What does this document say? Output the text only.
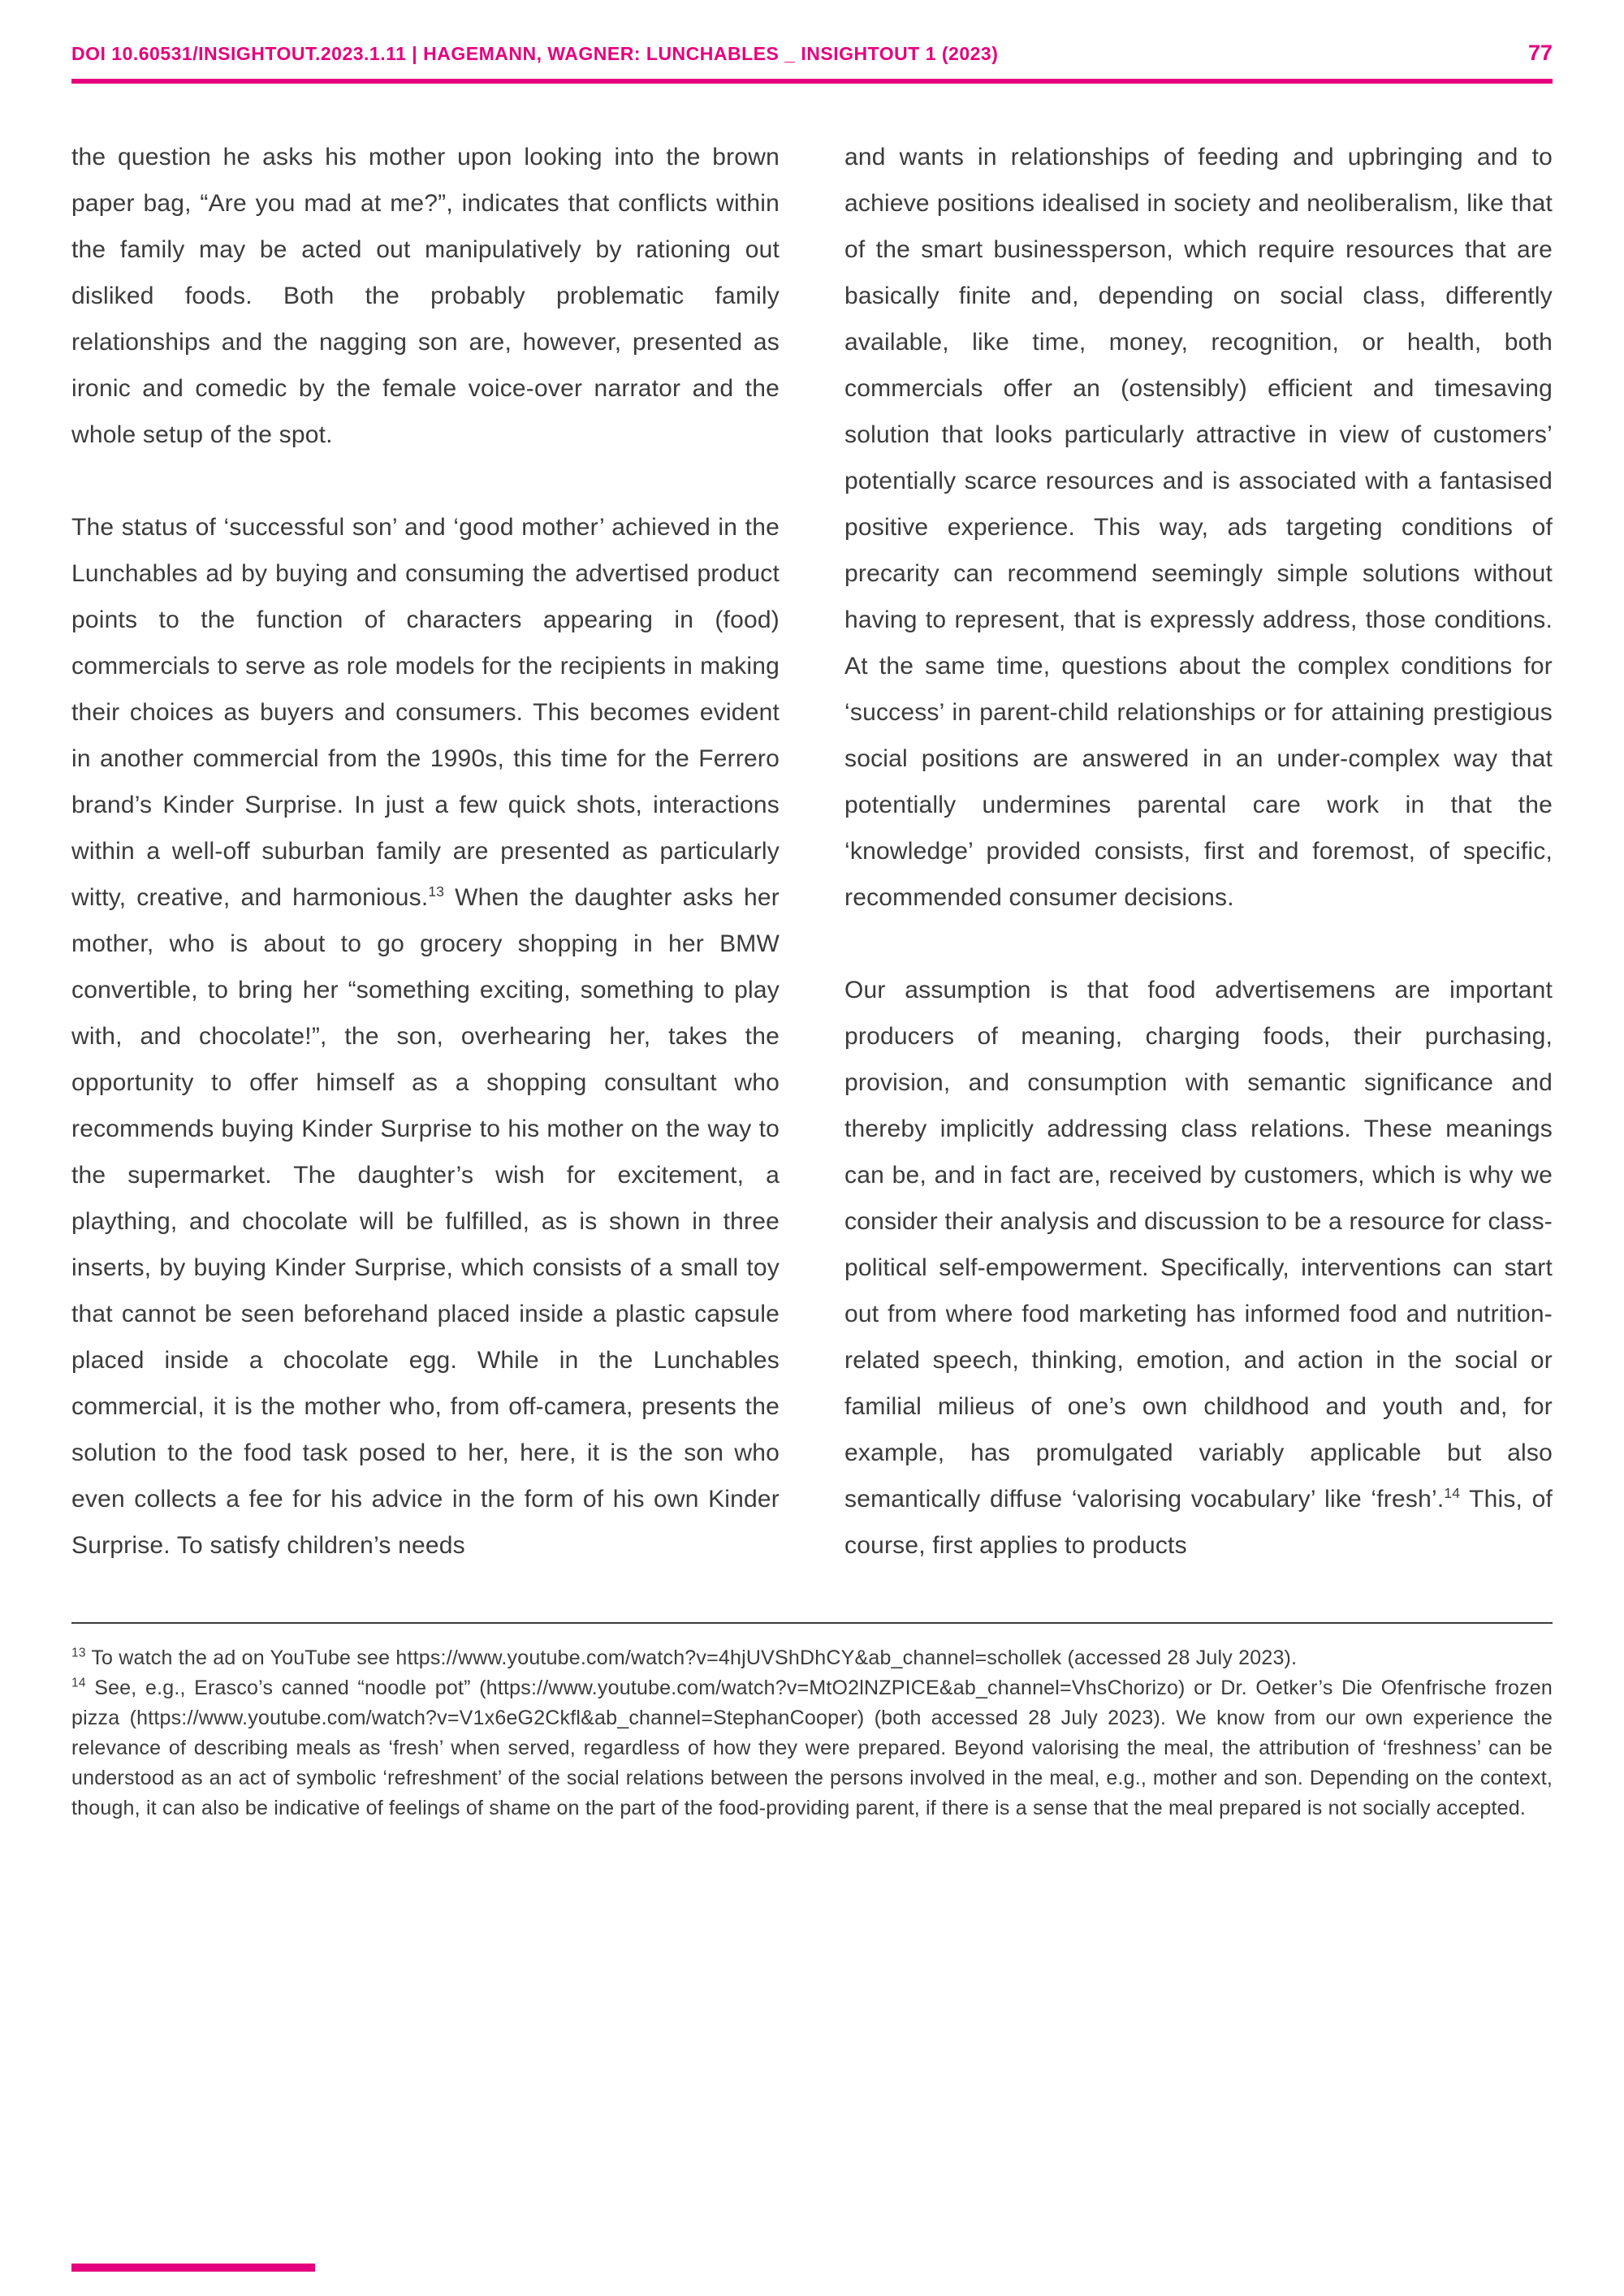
DOI 10.60531/INSIGHTOUT.2023.1.11 | HAGEMANN, WAGNER: LUNCHABLES _ INSIGHTOUT 1 (2023)	77

the question he asks his mother upon looking into the brown paper bag, “Are you mad at me?”, indicates that conflicts within the family may be acted out manipulatively by rationing out disliked foods. Both the probably problematic family relationships and the nagging son are, however, presented as ironic and comedic by the female voice-over narrator and the whole setup of the spot.

The status of ‘successful son’ and ‘good mother’ achieved in the Lunchables ad by buying and consuming the advertised product points to the function of characters appearing in (food) commercials to serve as role models for the recipients in making their choices as buyers and consumers. This becomes evident in another commercial from the 1990s, this time for the Ferrero brand’s Kinder Surprise. In just a few quick shots, interactions within a well-off suburban family are presented as particularly witty, creative, and harmonious.$^{13}$ When the daughter asks her mother, who is about to go grocery shopping in her BMW convertible, to bring her “something exciting, something to play with, and chocolate!”, the son, overhearing her, takes the opportunity to offer himself as a shopping consultant who recommends buying Kinder Surprise to his mother on the way to the supermarket. The daughter’s wish for excitement, a plaything, and chocolate will be fulfilled, as is shown in three inserts, by buying Kinder Surprise, which consists of a small toy that cannot be seen beforehand placed inside a plastic capsule placed inside a chocolate egg. While in the Lunchables commercial, it is the mother who, from off-camera, presents the solution to the food task posed to her, here, it is the son who even collects a fee for his advice in the form of his own Kinder Surprise. To satisfy children’s needs

and wants in relationships of feeding and upbringing and to achieve positions idealised in society and neoliberalism, like that of the smart businessperson, which require resources that are basically finite and, depending on social class, differently available, like time, money, recognition, or health, both commercials offer an (ostensibly) efficient and timesaving solution that looks particularly attractive in view of customers’ potentially scarce resources and is associated with a fantasised positive experience. This way, ads targeting conditions of precarity can recommend seemingly simple solutions without having to represent, that is expressly address, those conditions. At the same time, questions about the complex conditions for ‘success’ in parent-child relationships or for attaining prestigious social positions are answered in an under-complex way that potentially undermines parental care work in that the ‘knowledge’ provided consists, first and foremost, of specific, recommended consumer decisions.

Our assumption is that food advertisemens are important producers of meaning, charging foods, their purchasing, provision, and consumption with semantic significance and thereby implicitly addressing class relations. These meanings can be, and in fact are, received by customers, which is why we consider their analysis and discussion to be a resource for class-political self-empowerment. Specifically, interventions can start out from where food marketing has informed food and nutrition-related speech, thinking, emotion, and action in the social or familial milieus of one’s own childhood and youth and, for example, has promulgated variably applicable but also semantically diffuse ‘valorising vocabulary’ like ‘fresh’.$^{14}$ This, of course, first applies to products

$^{13}$ To watch the ad on YouTube see https://www.youtube.com/watch?v=4hjUVShDhCY&ab_channel=schollek (accessed 28 July 2023).

$^{14}$ See, e.g., Erasco’s canned “noodle pot” (https://www.youtube.com/watch?v=MtO2lNZPICE&ab_channel=VhsChorizo) or Dr. Oetker’s Die Ofenfrische frozen pizza (https://www.youtube.com/watch?v=V1x6eG2Ckfl&ab_channel=StephanCooper) (both accessed 28 July 2023). We know from our own experience the relevance of describing meals as ‘fresh’ when served, regardless of how they were prepared. Beyond valorising the meal, the attribution of ‘freshness’ can be understood as an act of symbolic ‘refreshment’ of the social relations between the persons involved in the meal, e.g., mother and son. Depending on the context, though, it can also be indicative of feelings of shame on the part of the food-providing parent, if there is a sense that the meal prepared is not socially accepted.
